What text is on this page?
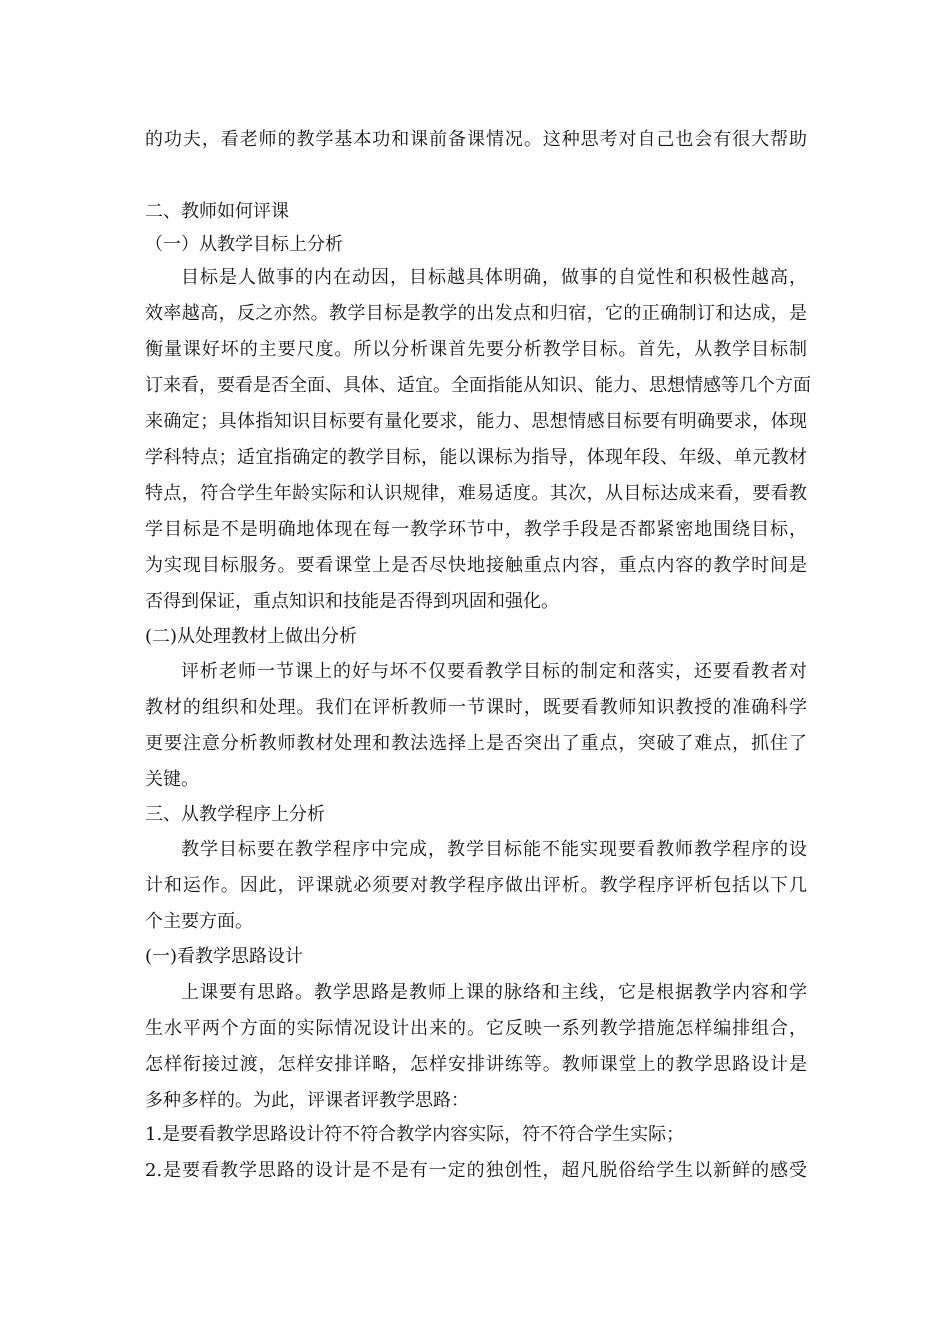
的功夫，看老师的教学基本功和课前备课情况。这种思考对自己也会有很大帮助
二、教师如何评课
（一）从教学目标上分析
目标是人做事的内在动因，目标越具体明确，做事的自觉性和积极性越高，
效率越高，反之亦然。教学目标是教学的出发点和归宿，它的正确制订和达成，是
衡量课好坏的主要尺度。所以分析课首先要分析教学目标。首先，从教学目标制
订来看，要看是否全面、具体、适宜。全面指能从知识、能力、思想情感等几个方面
来确定；具体指知识目标要有量化要求，能力、思想情感目标要有明确要求，体现
学科特点；适宜指确定的教学目标，能以课标为指导，体现年段、年级、单元教材
特点，符合学生年龄实际和认识规律，难易适度。其次，从目标达成来看，要看教
学目标是不是明确地体现在每一教学环节中，教学手段是否都紧密地围绕目标，
为实现目标服务。要看课堂上是否尽快地接触重点内容，重点内容的教学时间是
否得到保证，重点知识和技能是否得到巩固和强化。
(二)从处理教材上做出分析
评析老师一节课上的好与坏不仅要看教学目标的制定和落实，还要看教者对
教材的组织和处理。我们在评析教师一节课时，既要看教师知识教授的准确科学
更要注意分析教师教材处理和教法选择上是否突出了重点，突破了难点，抓住了
关键。
三、从教学程序上分析
教学目标要在教学程序中完成，教学目标能不能实现要看教师教学程序的设
计和运作。因此，评课就必须要对教学程序做出评析。教学程序评析包括以下几
个主要方面。
(一)看教学思路设计
上课要有思路。教学思路是教师上课的脉络和主线，它是根据教学内容和学
生水平两个方面的实际情况设计出来的。它反映一系列教学措施怎样编排组合，
怎样衔接过渡，怎样安排详略，怎样安排讲练等。教师课堂上的教学思路设计是
多种多样的。为此，评课者评教学思路：
1.是要看教学思路设计符不符合教学内容实际，符不符合学生实际；
2.是要看教学思路的设计是不是有一定的独创性，超凡脱俗给学生以新鲜的感受
